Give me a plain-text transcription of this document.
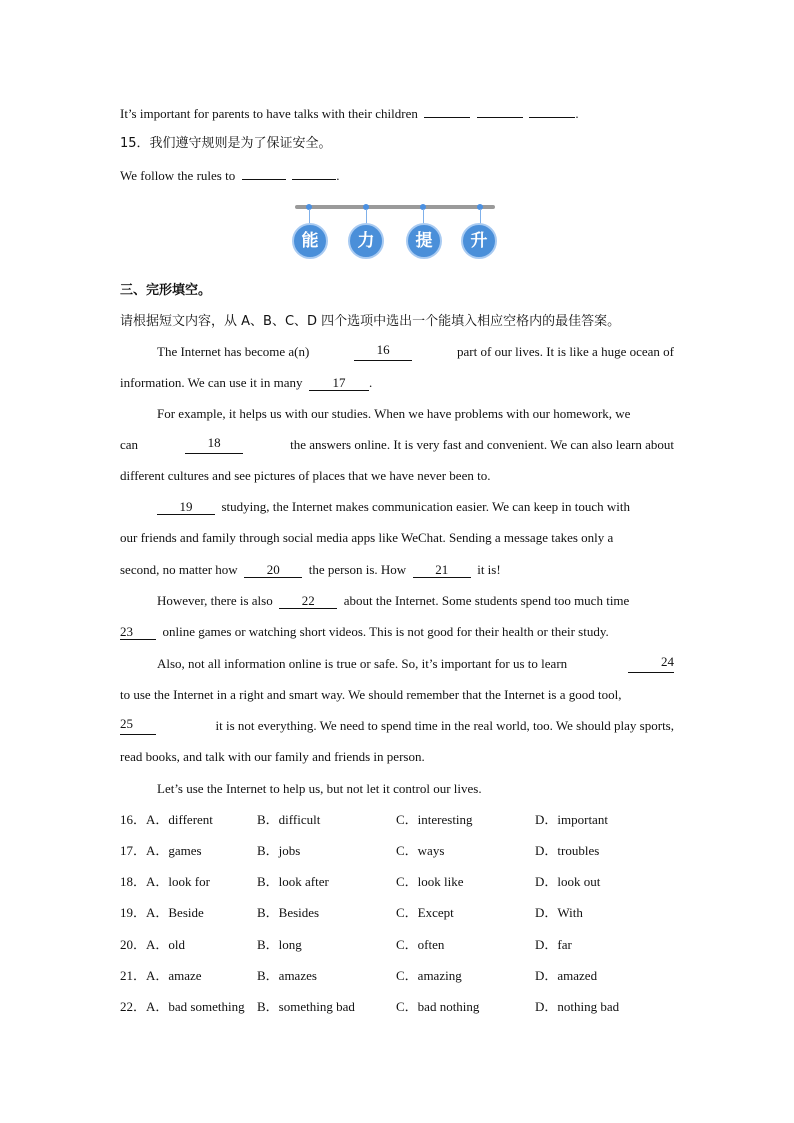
It’s important for parents to have talks with their children	.
15．我们遵守规则是为了保证安全。
We follow the rules to	.
能	力	提	升
三、完形填空。
请根据短文内容，从 A、B、C、D 四个选项中选出一个能填入相应空格内的最佳答案。
The Internet has become a(n)	16	part of our lives. It is like a huge ocean of
information. We can use it in many 17 .
For example, it helps us with our studies. When we have problems with our homework, we
can	18	the answers online. It is very fast and convenient. We can also learn about
different cultures and see pictures of places that we have never been to.
19 studying, the Internet makes communication easier. We can keep in touch with
our friends and family through social media apps like WeChat. Sending a message takes only a
second, no matter how 20 the person is. How 21 it is!
However, there is also 22 about the Internet. Some students spend too much time
23 online games or watching short videos. This is not good for their health or their study.
Also, not all information online is true or safe. So, it’s important for us to learn	24
to use the Internet in a right and smart way. We should remember that the Internet is a good tool,
25	it is not everything. We need to spend time in the real world, too. We should play sports,
read books, and talk with our family and friends in person.
Let’s use the Internet to help us, but not let it control our lives.
16． A．different	B．difficult	C．interesting	D．important
17． A．games	B．jobs	C．ways	D．troubles
18． A．look for	B．look after	C．look like	D．look out
19． A．Beside	B．Besides	C．Except	D．With
20． A．old	B．long	C．often	D．far
21． A．amaze	B．amazes	C．amazing	D．amazed
22． A．bad something B．something bad	C．bad nothing	D．nothing bad
